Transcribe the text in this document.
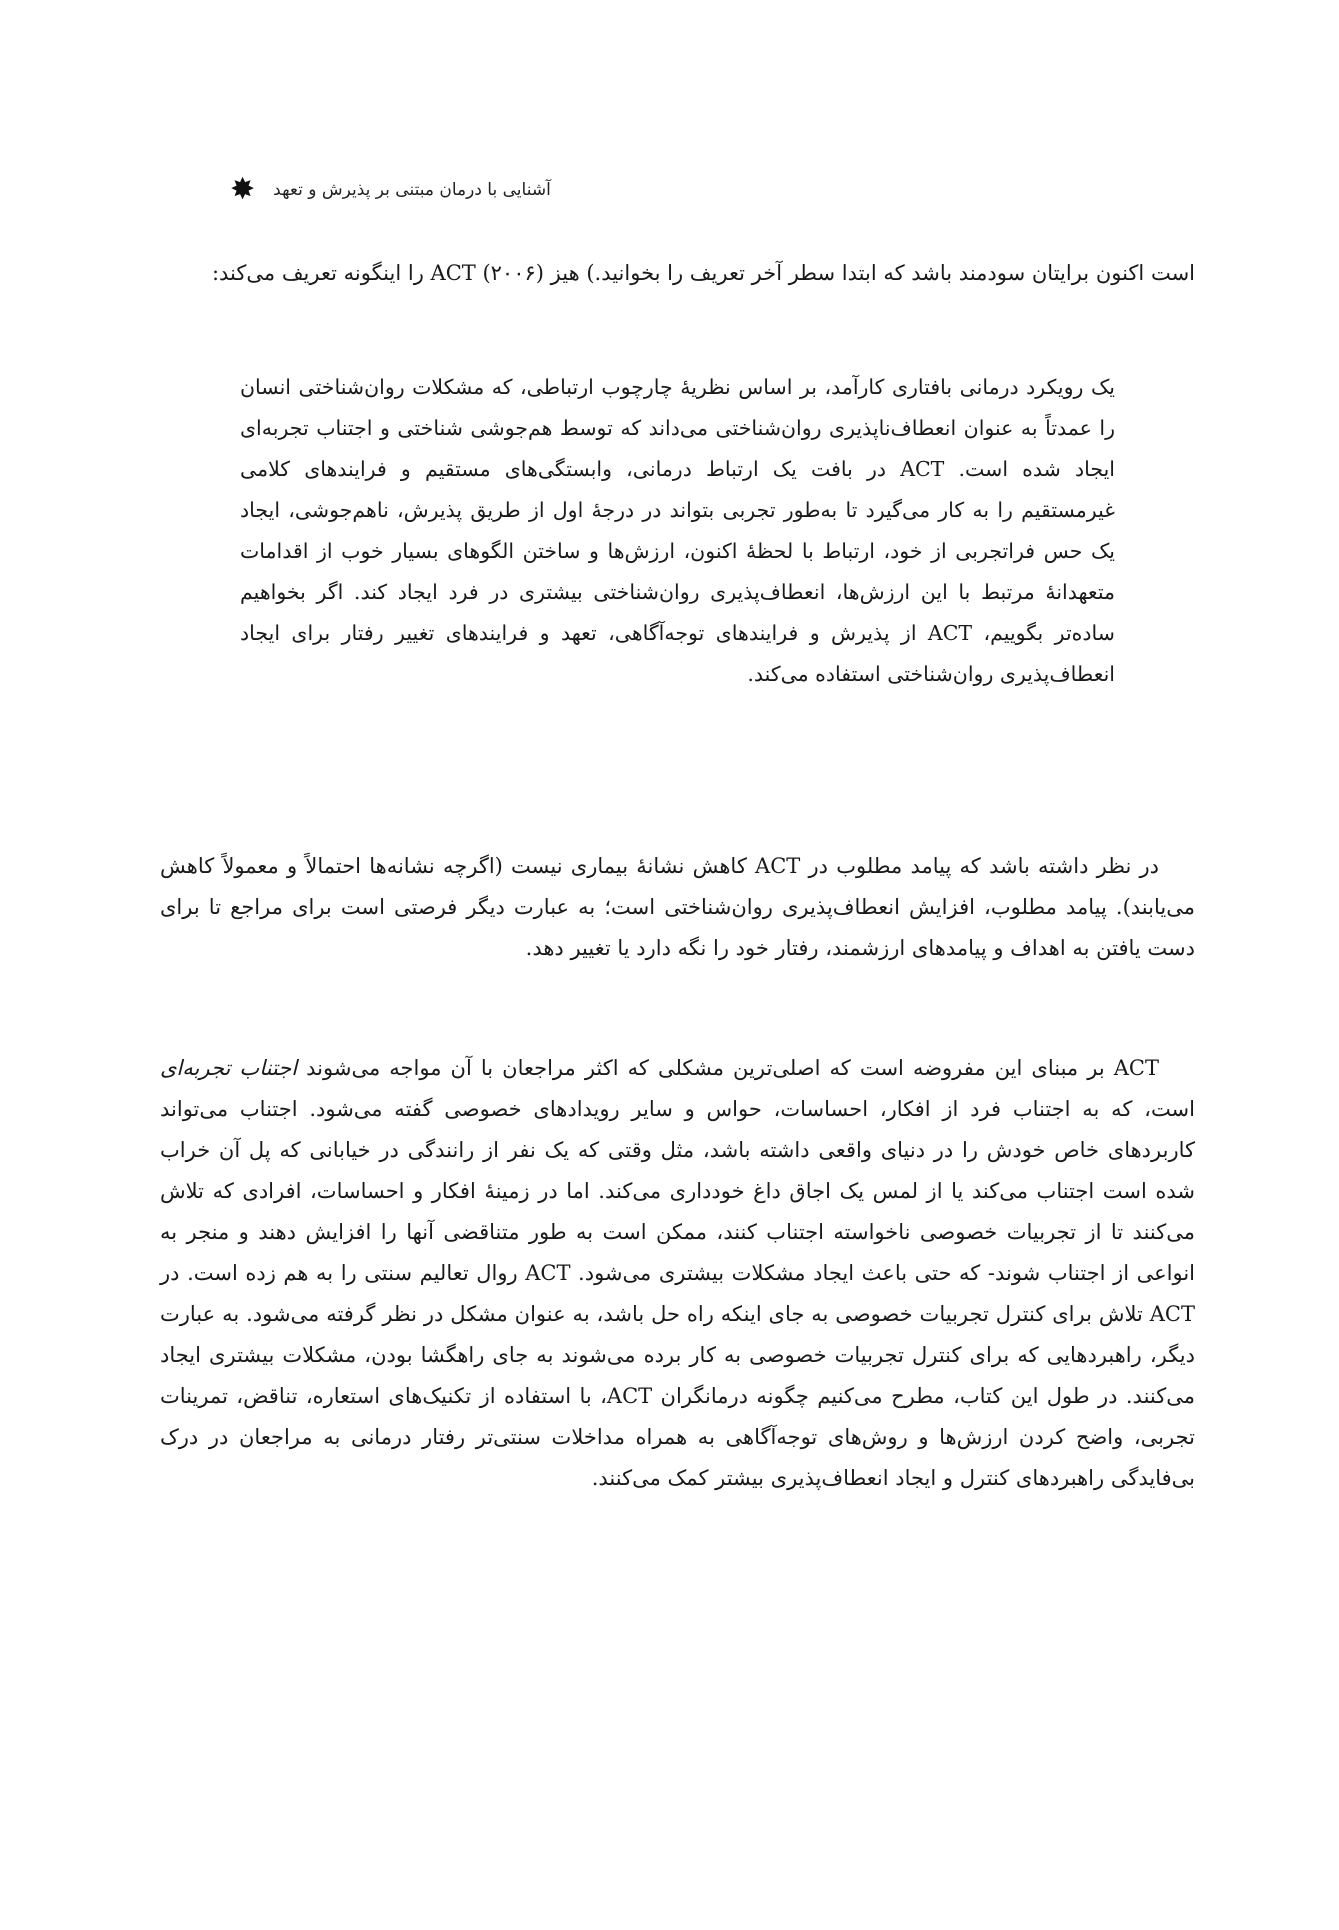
✸ آشنایی با درمان مبتنی بر پذیرش و تعهد

است اکنون برایتان سودمند باشد که ابتدا سطر آخر تعریف را بخوانید.) هیز (۲۰۰۶) ACT را اینگونه تعریف می‌کند:

یک رویکرد درمانی بافتاری کارآمد، بر اساس نظریهٔ چارچوب ارتباطی، که مشکلات روان‌شناختی انسان را عمدتاً به عنوان انعطاف‌ناپذیری روان‌شناختی می‌داند که توسط هم‌جوشی شناختی و اجتناب تجربه‌ای ایجاد شده است. ACT در بافت یک ارتباط درمانی، وابستگی‌های مستقیم و فرایندهای کلامی غیرمستقیم را به کار می‌گیرد تا به‌طور تجربی بتواند در درجهٔ اول از طریق پذیرش، ناهم‌جوشی، ایجاد یک حس فراتجربی از خود، ارتباط با لحظهٔ اکنون، ارزش‌ها و ساختن الگوهای بسیار خوب از اقدامات متعهدانهٔ مرتبط با این ارزش‌ها، انعطاف‌پذیری روان‌شناختی بیشتری در فرد ایجاد کند. اگر بخواهیم ساده‌تر بگوییم، ACT از پذیرش و فرایندهای توجه‌آگاهی، تعهد و فرایندهای تغییر رفتار برای ایجاد انعطاف‌پذیری روان‌شناختی استفاده می‌کند.

در نظر داشته باشد که پیامد مطلوب در ACT کاهش نشانهٔ بیماری نیست (اگرچه نشانه‌ها احتمالاً و معمولاً کاهش می‌یابند). پیامد مطلوب، افزایش انعطاف‌پذیری روان‌شناختی است؛ به عبارت دیگر فرصتی است برای مراجع تا برای دست یافتن به اهداف و پیامدهای ارزشمند، رفتار خود را نگه دارد یا تغییر دهد.

ACT بر مبنای این مفروضه است که اصلی‌ترین مشکلی که اکثر مراجعان با آن مواجه می‌شوند اجتناب تجربه‌ای است، که به اجتناب فرد از افکار، احساسات، حواس و سایر رویدادهای خصوصی گفته می‌شود. اجتناب می‌تواند کاربردهای خاص خودش را در دنیای واقعی داشته باشد، مثل وقتی که یک نفر از رانندگی در خیابانی که پل آن خراب شده است اجتناب می‌کند یا از لمس یک اجاق داغ خودداری می‌کند. اما در زمینهٔ افکار و احساسات، افرادی که تلاش می‌کنند تا از تجربیات خصوصی ناخواسته اجتناب کنند، ممکن است به طور متناقضی آنها را افزایش دهند و منجر به انواعی از اجتناب شوند- که حتی باعث ایجاد مشکلات بیشتری می‌شود. ACT روال تعالیم سنتی را به هم زده است. در ACT تلاش برای کنترل تجربیات خصوصی به جای اینکه راه حل باشد، به عنوان مشکل در نظر گرفته می‌شود. به عبارت دیگر، راهبردهایی که برای کنترل تجربیات خصوصی به کار برده می‌شوند به جای راهگشا بودن، مشکلات بیشتری ایجاد می‌کنند. در طول این کتاب، مطرح می‌کنیم چگونه درمانگران ACT، با استفاده از تکنیک‌های استعاره، تناقض، تمرینات تجربی، واضح کردن ارزش‌ها و روش‌های توجه‌آگاهی به همراه مداخلات سنتی‌تر رفتار درمانی به مراجعان در درک بی‌فایدگی راهبردهای کنترل و ایجاد انعطاف‌پذیری بیشتر کمک می‌کنند.
